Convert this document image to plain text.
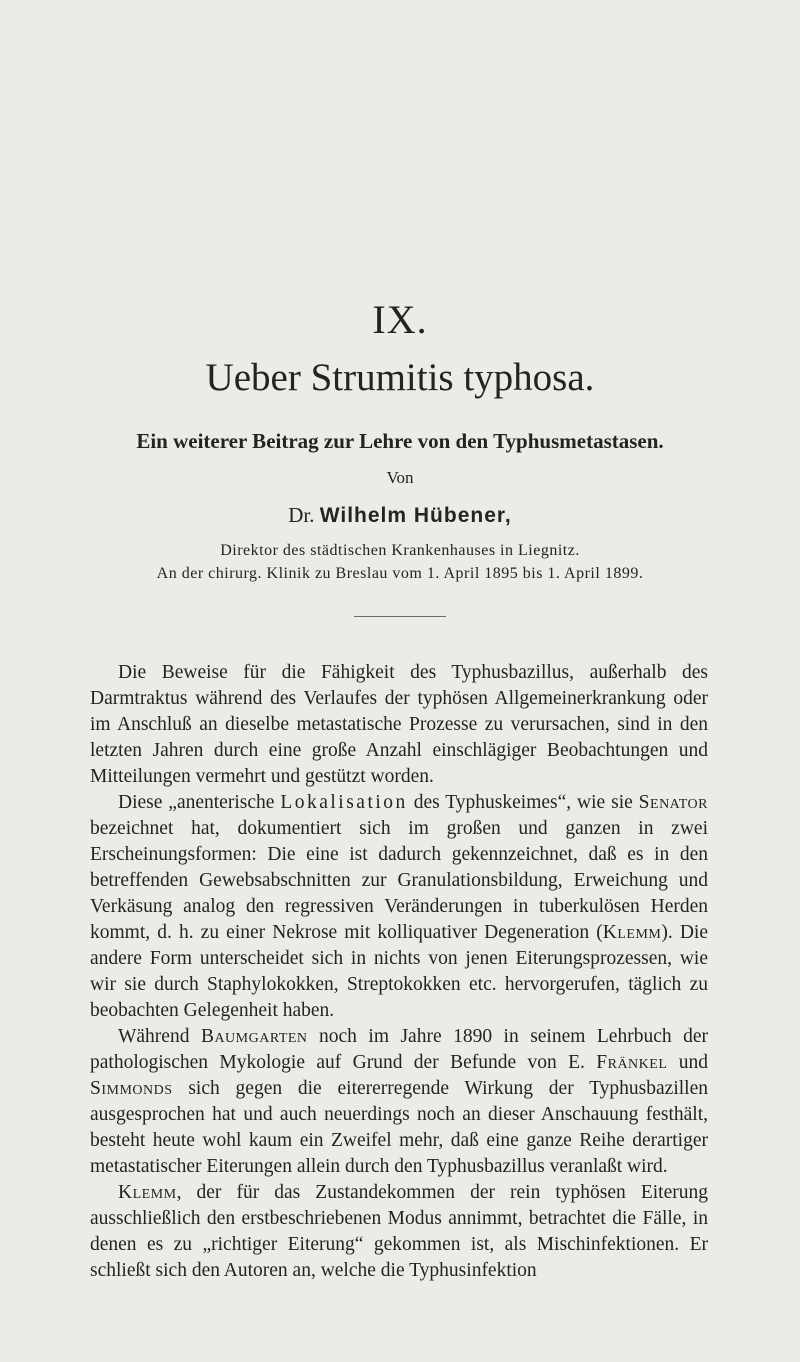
IX.
Ueber Strumitis typhosa.
Ein weiterer Beitrag zur Lehre von den Typhusmetastasen.
Von
Dr. Wilhelm Hübener,
Direktor des städtischen Krankenhauses in Liegnitz.
An der chirurg. Klinik zu Breslau vom 1. April 1895 bis 1. April 1899.

Die Beweise für die Fähigkeit des Typhusbazillus, außerhalb des Darmtraktus während des Verlaufes der typhösen Allgemeinerkrankung oder im Anschluß an dieselbe metastatische Prozesse zu verursachen, sind in den letzten Jahren durch eine große Anzahl einschlägiger Beobachtungen und Mitteilungen vermehrt und gestützt worden.

Diese „anenterische Lokalisation des Typhuskeimes“, wie sie Senator bezeichnet hat, dokumentiert sich im großen und ganzen in zwei Erscheinungsformen: Die eine ist dadurch gekennzeichnet, daß es in den betreffenden Gewebsabschnitten zur Granulationsbildung, Erweichung und Verkäsung analog den regressiven Veränderungen in tuberkulösen Herden kommt, d. h. zu einer Nekrose mit kolliquativer Degeneration (Klemm). Die andere Form unterscheidet sich in nichts von jenen Eiterungsprozessen, wie wir sie durch Staphylokokken, Streptokokken etc. hervorgerufen, täglich zu beobachten Gelegenheit haben.

Während Baumgarten noch im Jahre 1890 in seinem Lehrbuch der pathologischen Mykologie auf Grund der Befunde von E. Fränkel und Simmonds sich gegen die eitererregende Wirkung der Typhusbazillen ausgesprochen hat und auch neuerdings noch an dieser Anschauung festhält, besteht heute wohl kaum ein Zweifel mehr, daß eine ganze Reihe derartiger metastatischer Eiterungen allein durch den Typhusbazillus veranlaßt wird.

Klemm, der für das Zustandekommen der rein typhösen Eiterung ausschließlich den erstbeschriebenen Modus annimmt, betrachtet die Fälle, in denen es zu „richtiger Eiterung“ gekommen ist, als Mischinfektionen. Er schließt sich den Autoren an, welche die Typhusinfektion
